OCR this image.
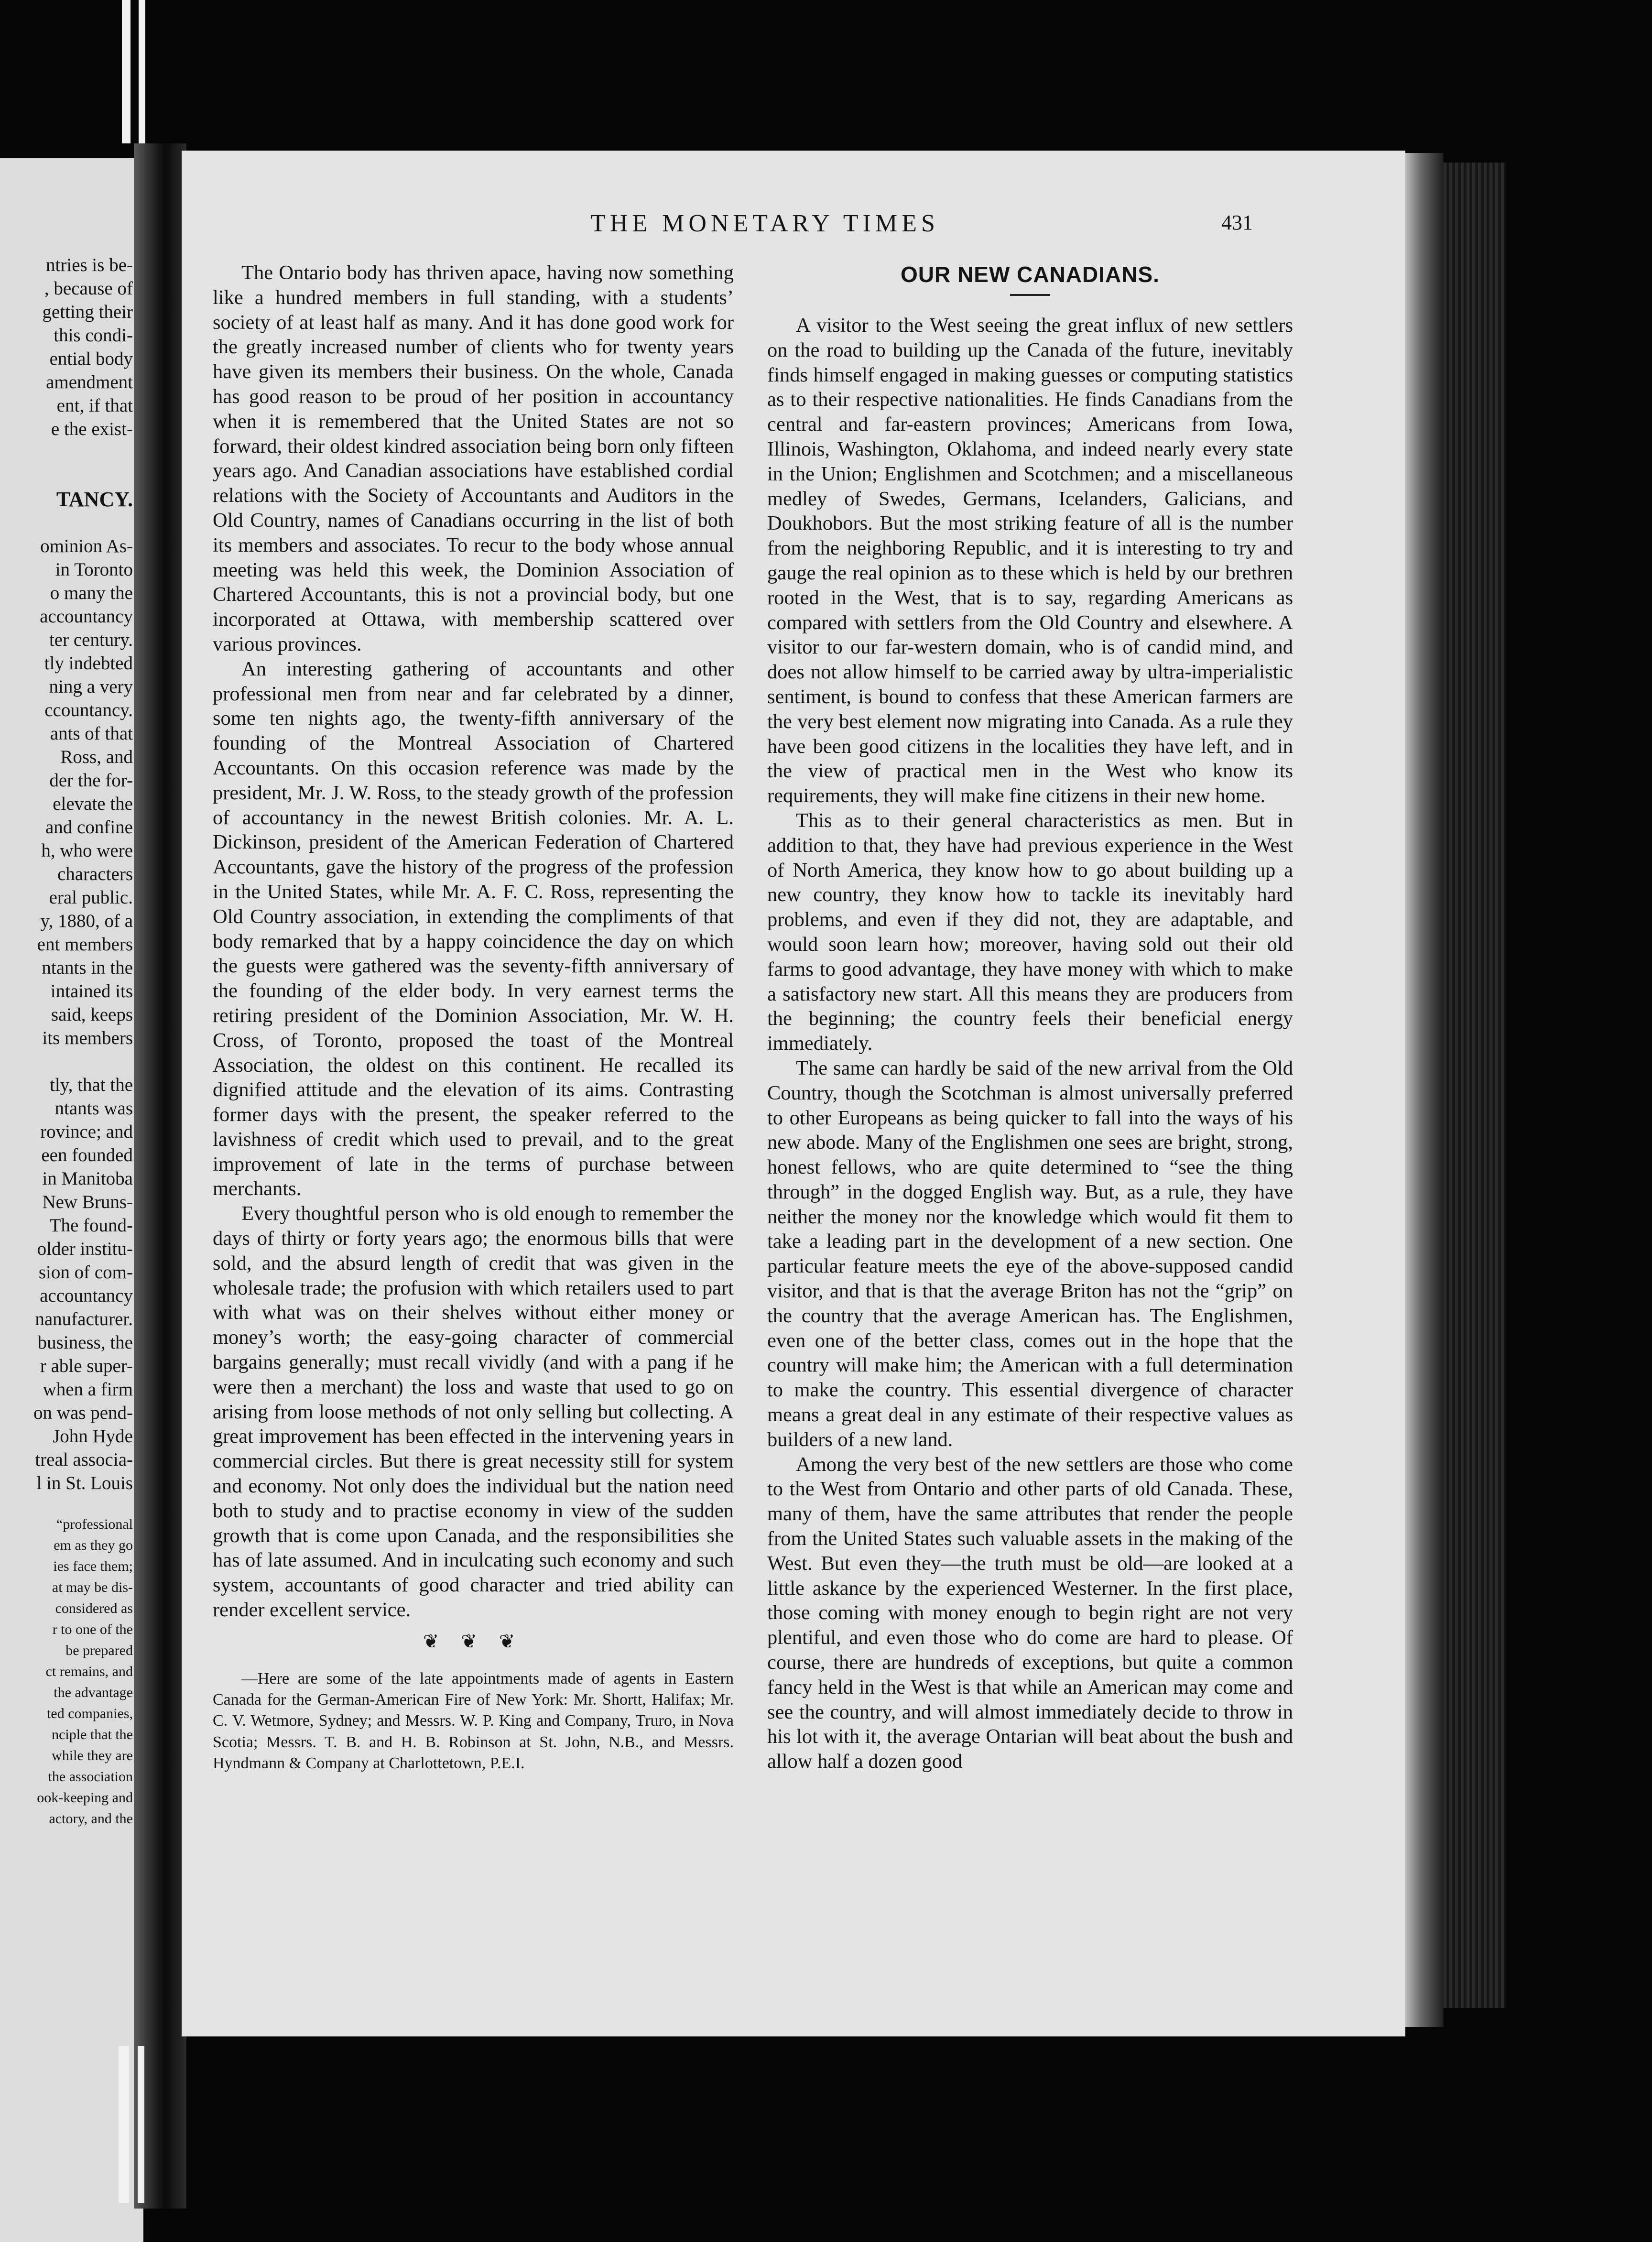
ntries is be-
, because of
getting their
this condi-
ential body
amendment
ent, if that
e the exist-
TANCY.
ominion As-
in Toronto
o many the
accountancy
ter century.
tly indebted
ning a very
ccountancy.
ants of that
Ross, and
der the for-
elevate the
and confine
h, who were
characters
eral public.
y, 1880, of a
ent members
ntants in the
intained its
said, keeps
its members
tly, that the
ntants was
rovince; and
een founded
in Manitoba
New Bruns-
The found-
older institu-
sion of com-
accountancy
nanufacturer.
business, the
r able super-
when a firm
on was pend-
John Hyde
treal associa-
l in St. Louis
“professional
em as they go
ies face them;
at may be dis-
considered as
r to one of the
be prepared
ct remains, and
the advantage
ted companies,
nciple that the
while they are
the association
ook-keeping and
actory, and the
THE MONETARY TIMES	431

The Ontario body has thriven apace, having now something like a hundred members in full standing, with a students’ society of at least half as many. And it has done good work for the greatly increased number of clients who for twenty years have given its members their business. On the whole, Canada has good reason to be proud of her position in accountancy when it is remembered that the United States are not so forward, their oldest kindred association being born only fifteen years ago. And Canadian associations have established cordial relations with the Society of Accountants and Auditors in the Old Country, names of Canadians occurring in the list of both its members and associates. To recur to the body whose annual meeting was held this week, the Dominion Association of Chartered Accountants, this is not a provincial body, but one incorporated at Ottawa, with membership scattered over various provinces.

An interesting gathering of accountants and other professional men from near and far celebrated by a dinner, some ten nights ago, the twenty-fifth anniversary of the founding of the Montreal Association of Chartered Accountants. On this occasion reference was made by the president, Mr. J. W. Ross, to the steady growth of the profession of accountancy in the newest British colonies. Mr. A. L. Dickinson, president of the American Federation of Chartered Accountants, gave the history of the progress of the profession in the United States, while Mr. A. F. C. Ross, representing the Old Country association, in extending the compliments of that body remarked that by a happy coincidence the day on which the guests were gathered was the seventy-fifth anniversary of the founding of the elder body. In very earnest terms the retiring president of the Dominion Association, Mr. W. H. Cross, of Toronto, proposed the toast of the Montreal Association, the oldest on this continent. He recalled its dignified attitude and the elevation of its aims. Contrasting former days with the present, the speaker referred to the lavishness of credit which used to prevail, and to the great improvement of late in the terms of purchase between merchants.

Every thoughtful person who is old enough to remember the days of thirty or forty years ago; the enormous bills that were sold, and the absurd length of credit that was given in the wholesale trade; the profusion with which retailers used to part with what was on their shelves without either money or money’s worth; the easy-going character of commercial bargains generally; must recall vividly (and with a pang if he were then a merchant) the loss and waste that used to go on arising from loose methods of not only selling but collecting. A great improvement has been effected in the intervening years in commercial circles. But there is great necessity still for system and economy. Not only does the individual but the nation need both to study and to practise economy in view of the sudden growth that is come upon Canada, and the responsibilities she has of late assumed. And in inculcating such economy and such system, accountants of good character and tried ability can render excellent service.

❦ ❦ ❦

—Here are some of the late appointments made of agents in Eastern Canada for the German-American Fire of New York: Mr. Shortt, Halifax; Mr. C. V. Wetmore, Sydney; and Messrs. W. P. King and Company, Truro, in Nova Scotia; Messrs. T. B. and H. B. Robinson at St. John, N.B., and Messrs. Hyndmann & Company at Charlottetown, P.E.I.

OUR NEW CANADIANS.

A visitor to the West seeing the great influx of new settlers on the road to building up the Canada of the future, inevitably finds himself engaged in making guesses or computing statistics as to their respective nationalities. He finds Canadians from the central and far-eastern provinces; Americans from Iowa, Illinois, Washington, Oklahoma, and indeed nearly every state in the Union; Englishmen and Scotchmen; and a miscellaneous medley of Swedes, Germans, Icelanders, Galicians, and Doukhobors. But the most striking feature of all is the number from the neighboring Republic, and it is interesting to try and gauge the real opinion as to these which is held by our brethren rooted in the West, that is to say, regarding Americans as compared with settlers from the Old Country and elsewhere. A visitor to our far-western domain, who is of candid mind, and does not allow himself to be carried away by ultra-imperialistic sentiment, is bound to confess that these American farmers are the very best element now migrating into Canada. As a rule they have been good citizens in the localities they have left, and in the view of practical men in the West who know its requirements, they will make fine citizens in their new home.

This as to their general characteristics as men. But in addition to that, they have had previous experience in the West of North America, they know how to go about building up a new country, they know how to tackle its inevitably hard problems, and even if they did not, they are adaptable, and would soon learn how; moreover, having sold out their old farms to good advantage, they have money with which to make a satisfactory new start. All this means they are producers from the beginning; the country feels their beneficial energy immediately.

The same can hardly be said of the new arrival from the Old Country, though the Scotchman is almost universally preferred to other Europeans as being quicker to fall into the ways of his new abode. Many of the Englishmen one sees are bright, strong, honest fellows, who are quite determined to “see the thing through” in the dogged English way. But, as a rule, they have neither the money nor the knowledge which would fit them to take a leading part in the development of a new section. One particular feature meets the eye of the above-supposed candid visitor, and that is that the average Briton has not the “grip” on the country that the average American has. The Englishmen, even one of the better class, comes out in the hope that the country will make him; the American with a full determination to make the country. This essential divergence of character means a great deal in any estimate of their respective values as builders of a new land.

Among the very best of the new settlers are those who come to the West from Ontario and other parts of old Canada. These, many of them, have the same attributes that render the people from the United States such valuable assets in the making of the West. But even they—the truth must be old—are looked at a little askance by the experienced Westerner. In the first place, those coming with money enough to begin right are not very plentiful, and even those who do come are hard to please. Of course, there are hundreds of exceptions, but quite a common fancy held in the West is that while an American may come and see the country, and will almost immediately decide to throw in his lot with it, the average Ontarian will beat about the bush and allow half a dozen good
